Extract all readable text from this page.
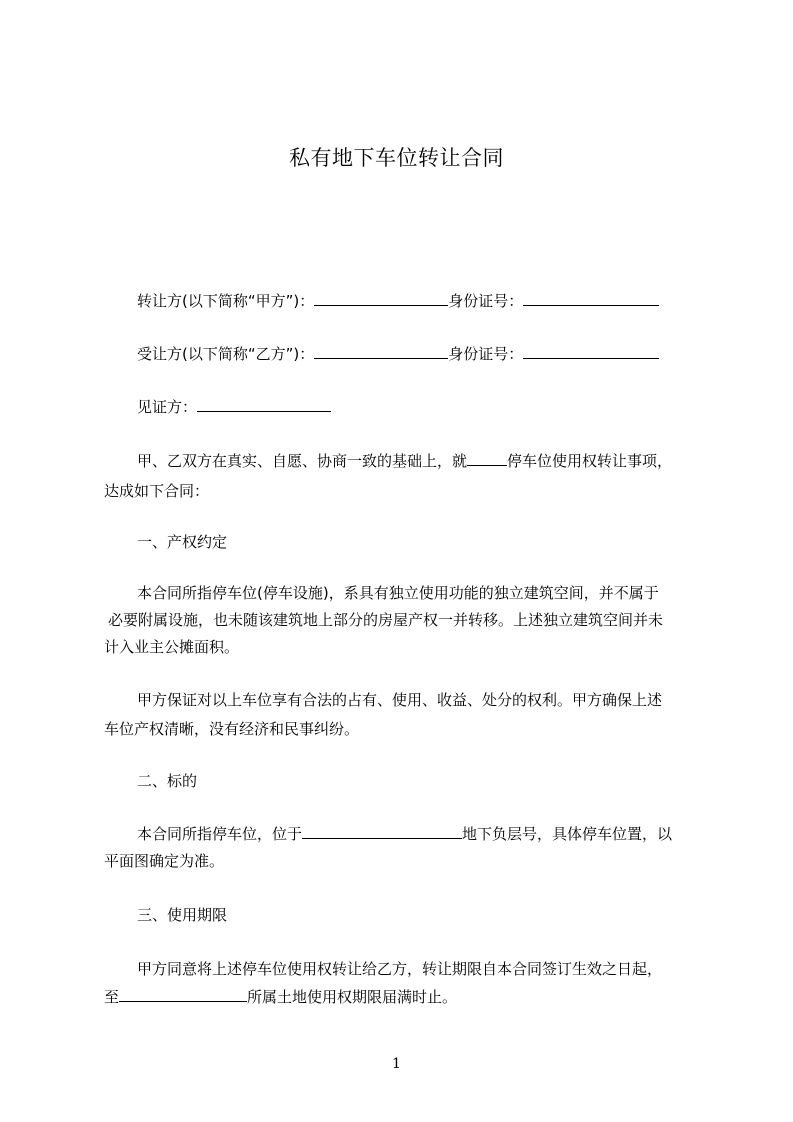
私有地下车位转让合同
转让方(以下简称“甲方”)：	身份证号：
受让方(以下简称“乙方”)：	身份证号：
见证方：
甲、乙双方在真实、自愿、协商一致的基础上，就	停车位使用权转让事项，
达成如下合同：
一、产权约定
本合同所指停车位(停车设施)，系具有独立使用功能的独立建筑空间，并不属于
必要附属设施，也未随该建筑地上部分的房屋产权一并转移。上述独立建筑空间并未
计入业主公摊面积。
甲方保证对以上车位享有合法的占有、使用、收益、处分的权利。甲方确保上述
车位产权清晰，没有经济和民事纠纷。
二、标的
本合同所指停车位，位于	地下负层号，具体停车位置，以
平面图确定为准。
三、使用期限
甲方同意将上述停车位使用权转让给乙方，转让期限自本合同签订生效之日起，
至	所属土地使用权期限届满时止。
1
